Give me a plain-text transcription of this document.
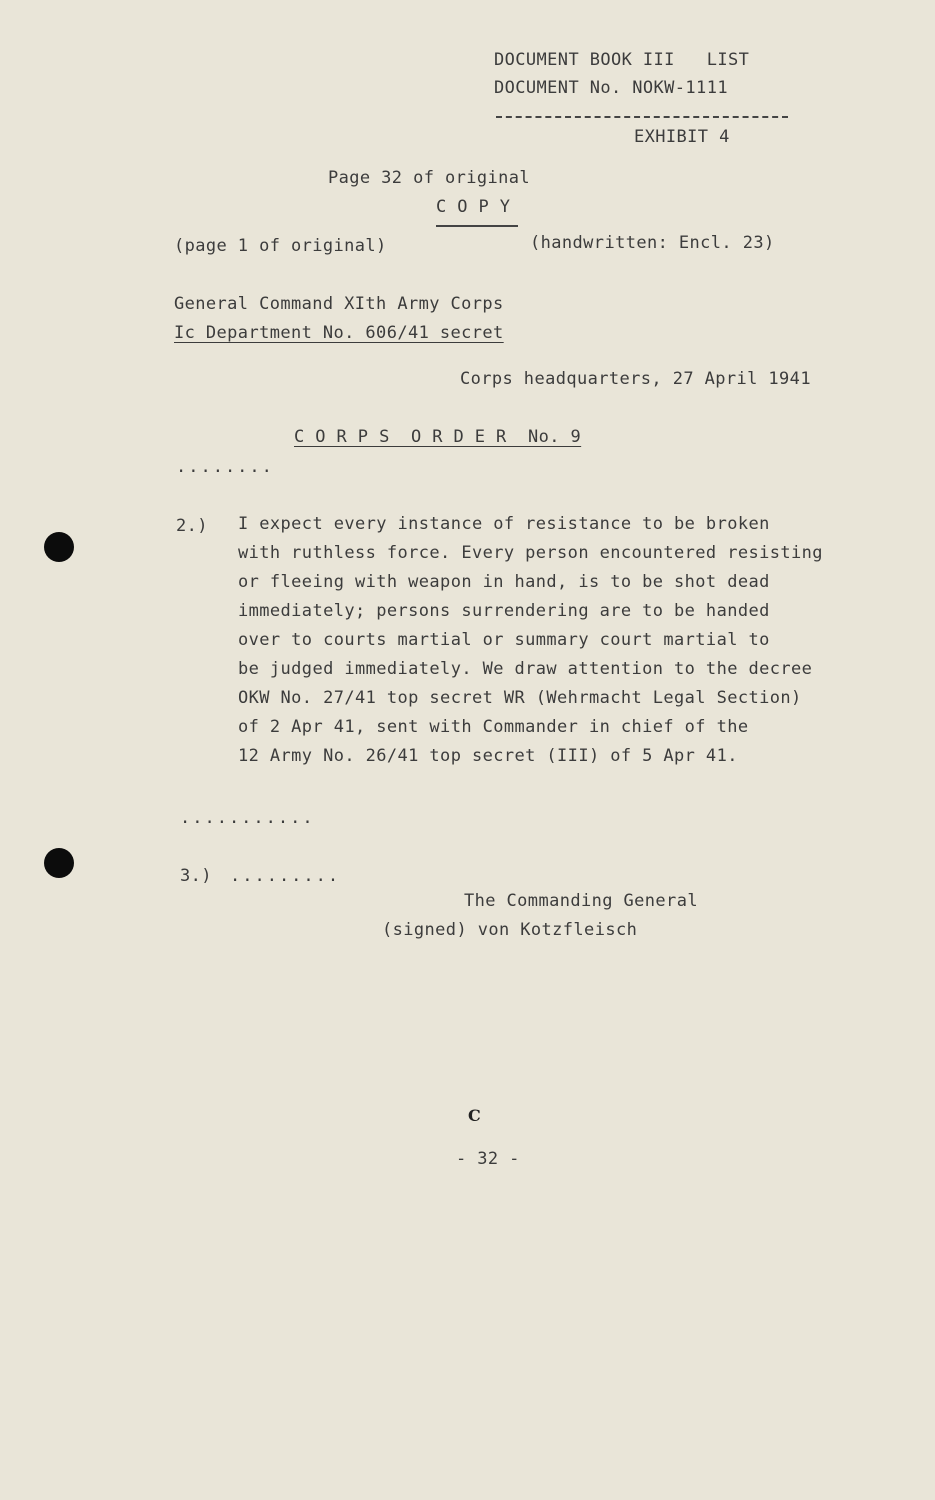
DOCUMENT BOOK III   LIST
DOCUMENT No. NOKW-1111
EXHIBIT 4
Page 32 of original
C O P Y
(page 1 of original)	(handwritten: Encl. 23)
General Command XIth Army Corps
Ic Department No. 606/41 secret
Corps headquarters, 27 April 1941
C O R P S  O R D E R  No. 9
........
2.) I expect every instance of resistance to be broken
with ruthless force. Every person encountered resisting
or fleeing with weapon in hand, is to be shot dead
immediately; persons surrendering are to be handed
over to courts martial or summary court martial to
be judged immediately. We draw attention to the decree
OKW No. 27/41 top secret WR (Wehrmacht Legal Section)
of 2 Apr 41, sent with Commander in chief of the
12 Army No. 26/41 top secret (III) of 5 Apr 41.
...........
3.) .........
The Commanding General
(signed) von Kotzfleisch
C
- 32 -
